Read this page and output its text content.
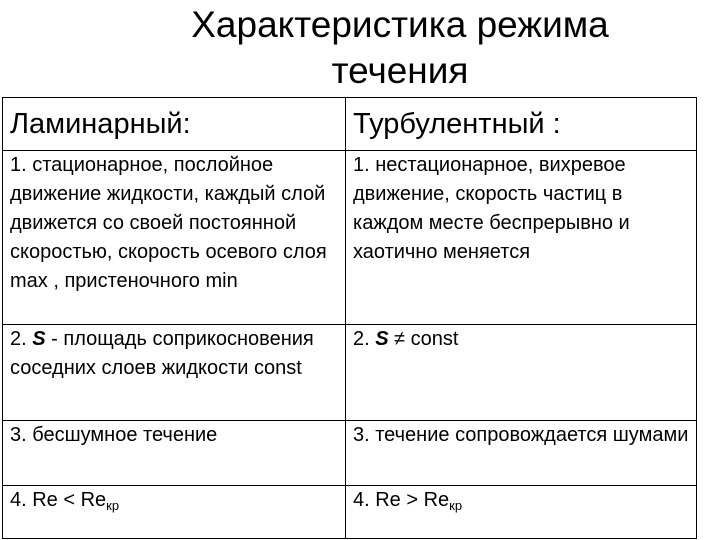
Характеристика режима
течения
Ламинарный:	Турбулентный :
1. стационарное, послойное движение жидкости, каждый слой движется со своей постоянной скоростью, скорость осевого слоя max , пристеночного min	1. нестационарное, вихревое движение, скорость частиц в каждом месте беспрерывно и хаотично меняется
2. S - площадь соприкосновения соседних слоев жидкости const	2. S ≠ const
3. бесшумное течение	3. течение сопровождается шумами
4. $Re < Re_{кр}$	4. $Re > Re_{кр}$
